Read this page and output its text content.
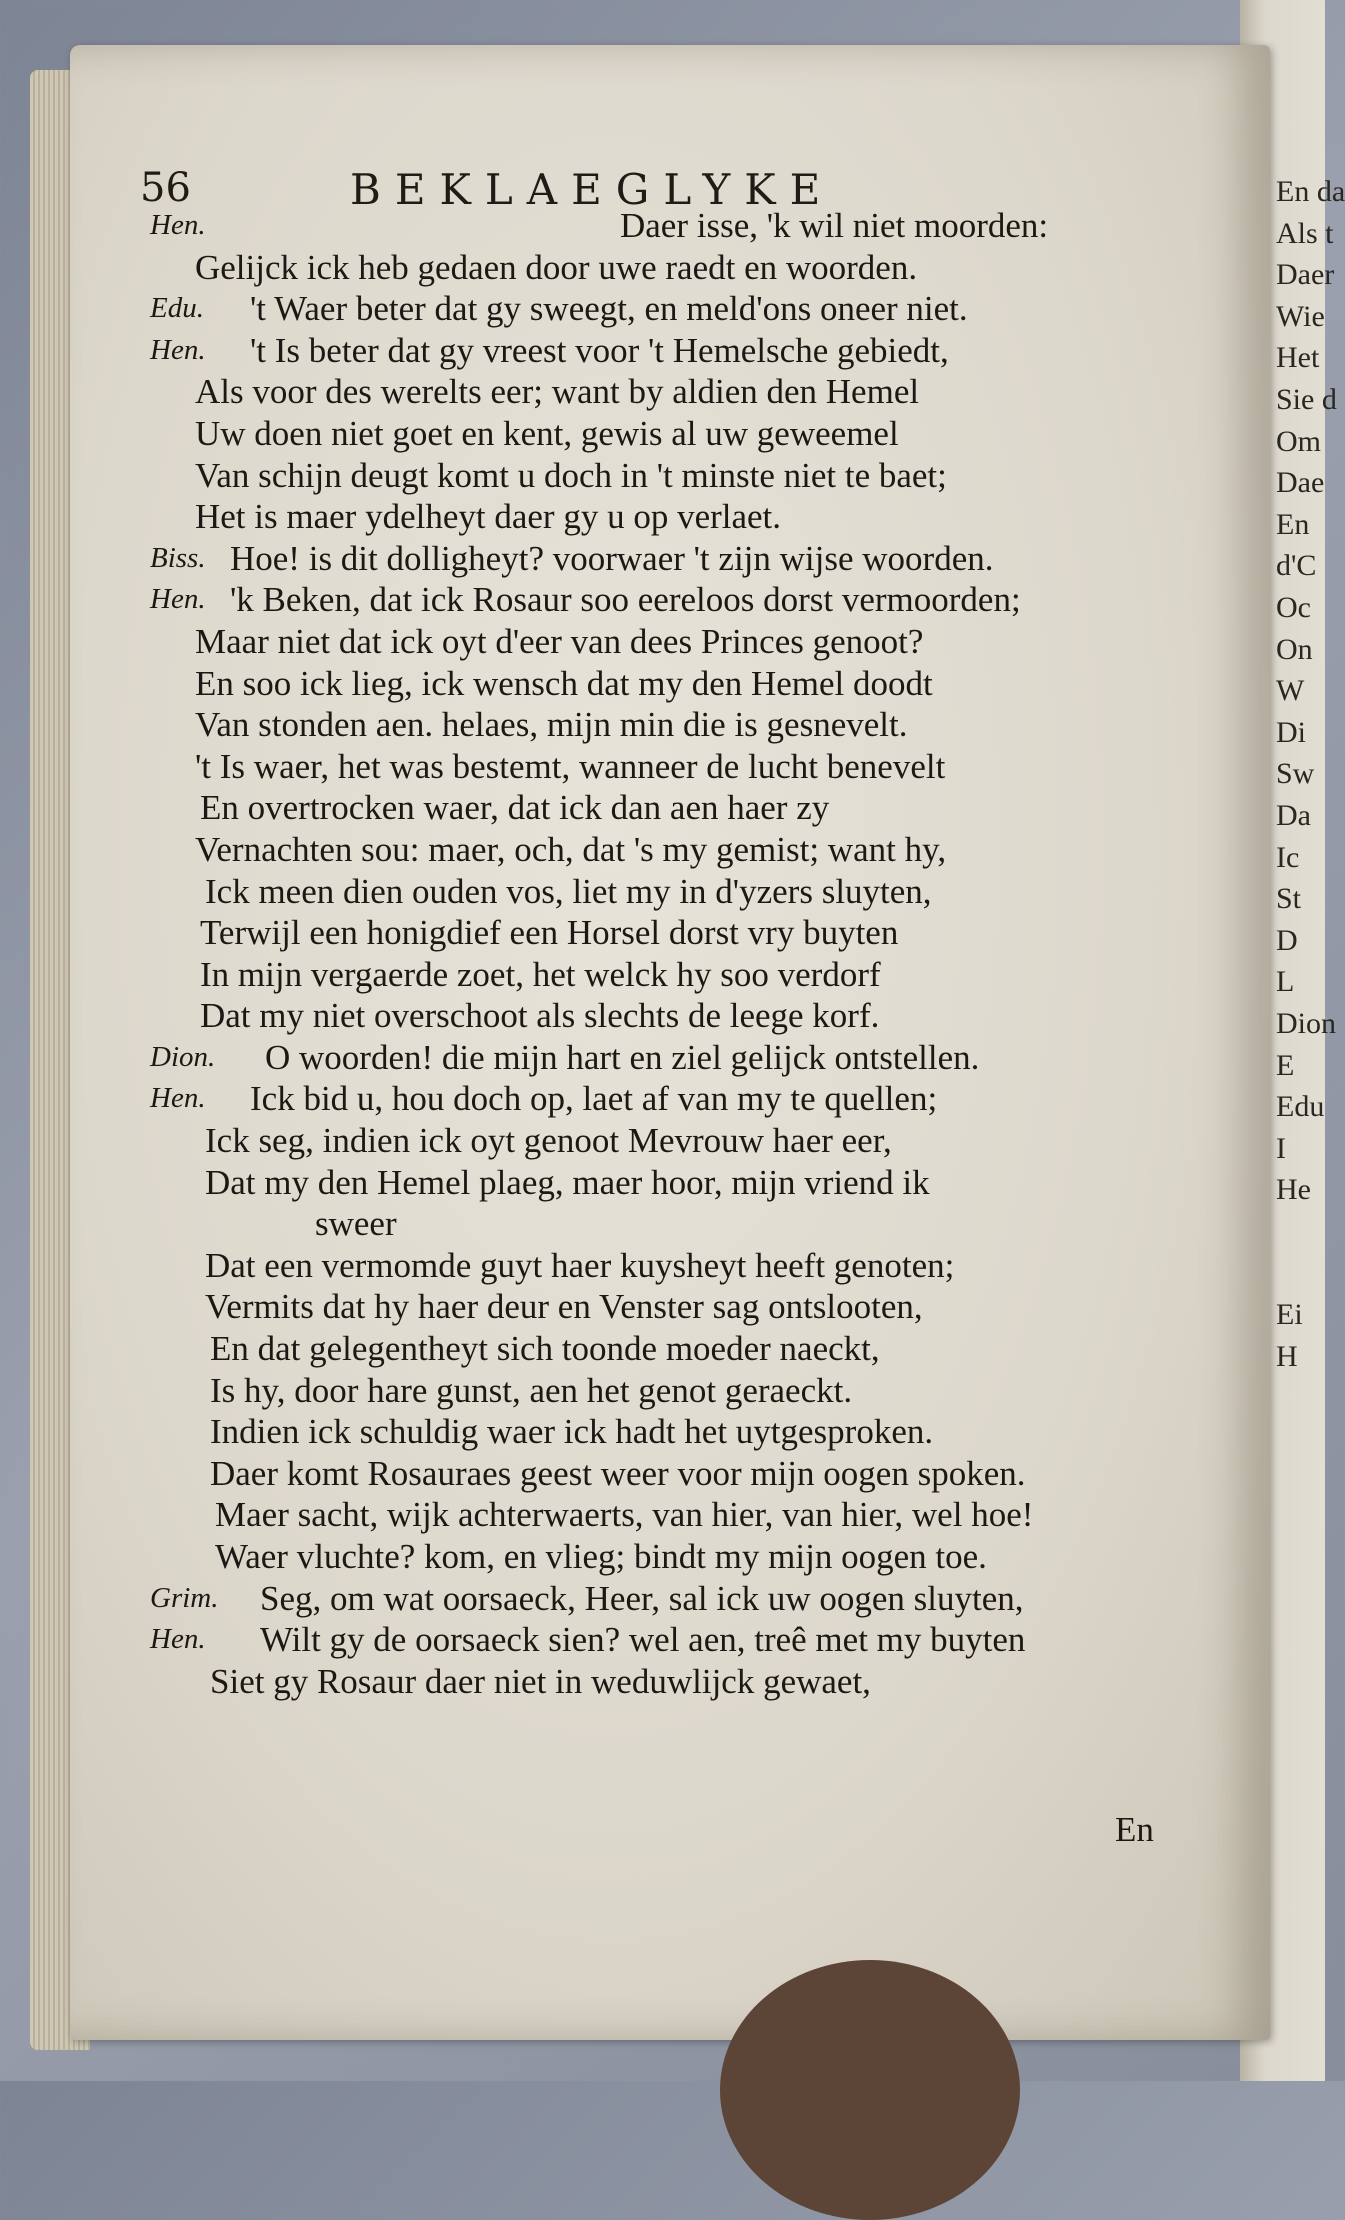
En da
Als t
Daer
Wie
Het
Sie d
Om
Dae
En
d'C
Oc
On
W
Di
Sw
Da
Ic
St
D
L
Dion
E
Edu
I
He
Ei
H
56	BEKLAEGLYKE
Hen.	Daer isse, 'k wil niet moorden:
Gelijck ick heb gedaen door uwe raedt en woorden.
Edu. 't Waer beter dat gy sweegt, en meld'ons oneer niet.
Hen. 't Is beter dat gy vreest voor 't Hemelsche gebiedt,
Als voor des werelts eer; want by aldien den Hemel
Uw doen niet goet en kent, gewis al uw geweemel
Van schijn deugt komt u doch in 't minste niet te baet;
Het is maer ydelheyt daer gy u op verlaet.
Biss. Hoe! is dit dolligheyt? voorwaer 't zijn wijse woorden.
Hen. 'k Beken, dat ick Rosaur soo eereloos dorst vermoorden;
Maar niet dat ick oyt d'eer van dees Princes genoot?
En soo ick lieg, ick wensch dat my den Hemel doodt
Van stonden aen. helaes, mijn min die is gesnevelt.
't Is waer, het was bestemt, wanneer de lucht benevelt
En overtrocken waer, dat ick dan aen haer zy
Vernachten sou: maer, och, dat 's my gemist; want hy,
Ick meen dien ouden vos, liet my in d'yzers sluyten,
Terwijl een honigdief een Horsel dorst vry buyten
In mijn vergaerde zoet, het welck hy soo verdorf
Dat my niet overschoot als slechts de leege korf.
Dion. O woorden! die mijn hart en ziel gelijck ontstellen.
Hen. Ick bid u, hou doch op, laet af van my te quellen;
Ick seg, indien ick oyt genoot Mevrouw haer eer,
Dat my den Hemel plaeg, maer hoor, mijn vriend ik
sweer
Dat een vermomde guyt haer kuysheyt heeft genoten;
Vermits dat hy haer deur en Venster sag ontslooten,
En dat gelegentheyt sich toonde moeder naeckt,
Is hy, door hare gunst, aen het genot geraeckt.
Indien ick schuldig waer ick hadt het uytgesproken.
Daer komt Rosauraes geest weer voor mijn oogen spoken.
Maer sacht, wijk achterwaerts, van hier, van hier, wel hoe!
Waer vluchte? kom, en vlieg; bindt my mijn oogen toe.
Grim. Seg, om wat oorsaeck, Heer, sal ick uw oogen sluyten,
Hen. Wilt gy de oorsaeck sien? wel aen, treê met my buyten
Siet gy Rosaur daer niet in weduwlijck gewaet,
En
